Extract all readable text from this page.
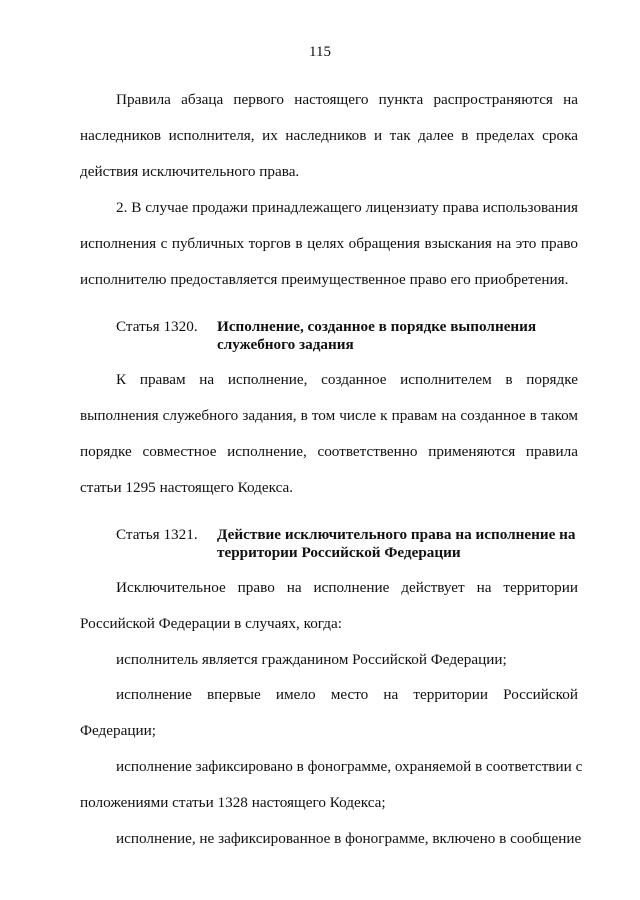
115
Правила абзаца первого настоящего пункта распространяются на
наследников исполнителя, их наследников и так далее в пределах срока
действия исключительного права.
2. В случае продажи принадлежащего лицензиату права использования
исполнения с публичных торгов в целях обращения взыскания на это право
исполнителю предоставляется преимущественное право его приобретения.
Статья 1320. Исполнение, созданное в порядке выполнения
служебного задания
К правам на исполнение, созданное исполнителем в порядке
выполнения служебного задания, в том числе к правам на созданное в таком
порядке совместное исполнение, соответственно применяются правила
статьи 1295 настоящего Кодекса.
Статья 1321. Действие исключительного права на исполнение на
территории Российской Федерации
Исключительное право на исполнение действует на территории
Российской Федерации в случаях, когда:
исполнитель является гражданином Российской Федерации;
исполнение впервые имело место на территории Российской
Федерации;
исполнение зафиксировано в фонограмме, охраняемой в соответствии с
положениями статьи 1328 настоящего Кодекса;
исполнение, не зафиксированное в фонограмме, включено в сообщение
